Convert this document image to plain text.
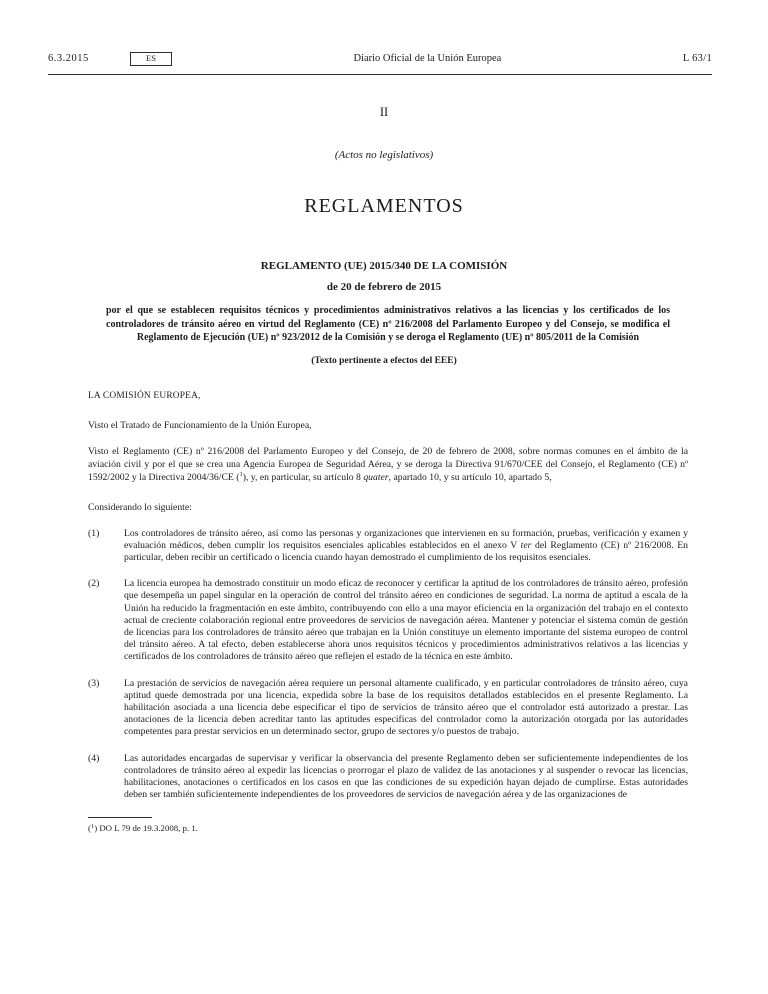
6.3.2015	ES	Diario Oficial de la Unión Europea	L 63/1
II
(Actos no legislativos)
REGLAMENTOS
REGLAMENTO (UE) 2015/340 DE LA COMISIÓN
de 20 de febrero de 2015
por el que se establecen requisitos técnicos y procedimientos administrativos relativos a las licencias y los certificados de los controladores de tránsito aéreo en virtud del Reglamento (CE) nº 216/2008 del Parlamento Europeo y del Consejo, se modifica el Reglamento de Ejecución (UE) nº 923/2012 de la Comisión y se deroga el Reglamento (UE) nº 805/2011 de la Comisión
(Texto pertinente a efectos del EEE)

LA COMISIÓN EUROPEA,

Visto el Tratado de Funcionamiento de la Unión Europea,

Visto el Reglamento (CE) nº 216/2008 del Parlamento Europeo y del Consejo, de 20 de febrero de 2008, sobre normas comunes en el ámbito de la aviación civil y por el que se crea una Agencia Europea de Seguridad Aérea, y se deroga la Directiva 91/670/CEE del Consejo, el Reglamento (CE) nº 1592/2002 y la Directiva 2004/36/CE ($^1$), y, en particular, su artículo 8 quater, apartado 10, y su artículo 10, apartado 5,

Considerando lo siguiente:

(1)	Los controladores de tránsito aéreo, así como las personas y organizaciones que intervienen en su formación, pruebas, verificación y examen y evaluación médicos, deben cumplir los requisitos esenciales aplicables establecidos en el anexo V ter del Reglamento (CE) nº 216/2008. En particular, deben recibir un certificado o licencia cuando hayan demostrado el cumplimiento de los requisitos esenciales.
(2)	La licencia europea ha demostrado constituir un modo eficaz de reconocer y certificar la aptitud de los controladores de tránsito aéreo, profesión que desempeña un papel singular en la operación de control del tránsito aéreo en condiciones de seguridad. La norma de aptitud a escala de la Unión ha reducido la fragmentación en este ámbito, contribuyendo con ello a una mayor eficiencia en la organización del trabajo en el contexto actual de creciente colaboración regional entre proveedores de servicios de navegación aérea. Mantener y potenciar el sistema común de gestión de licencias para los controladores de tránsito aéreo que trabajan en la Unión constituye un elemento importante del sistema europeo de control del tránsito aéreo. A tal efecto, deben establecerse ahora unos requisitos técnicos y procedimientos administrativos relativos a las licencias y certificados de los controladores de tránsito aéreo que reflejen el estado de la técnica en este ámbito.
(3)	La prestación de servicios de navegación aérea requiere un personal altamente cualificado, y en particular controladores de tránsito aéreo, cuya aptitud quede demostrada por una licencia, expedida sobre la base de los requisitos detallados establecidos en el presente Reglamento. La habilitación asociada a una licencia debe especificar el tipo de servicios de tránsito aéreo que el controlador está autorizado a prestar. Las anotaciones de la licencia deben acreditar tanto las aptitudes específicas del controlador como la autorización otorgada por las autoridades competentes para prestar servicios en un determinado sector, grupo de sectores y/o puestos de trabajo.
(4)	Las autoridades encargadas de supervisar y verificar la observancia del presente Reglamento deben ser suficientemente independientes de los controladores de tránsito aéreo al expedir las licencias o prorrogar el plazo de validez de las anotaciones y al suspender o revocar las licencias, habilitaciones, anotaciones o certificados en los casos en que las condiciones de su expedición hayan dejado de cumplirse. Estas autoridades deben ser también suficientemente independientes de los proveedores de servicios de navegación aérea y de las organizaciones de
($^1$) DO L 79 de 19.3.2008, p. 1.
